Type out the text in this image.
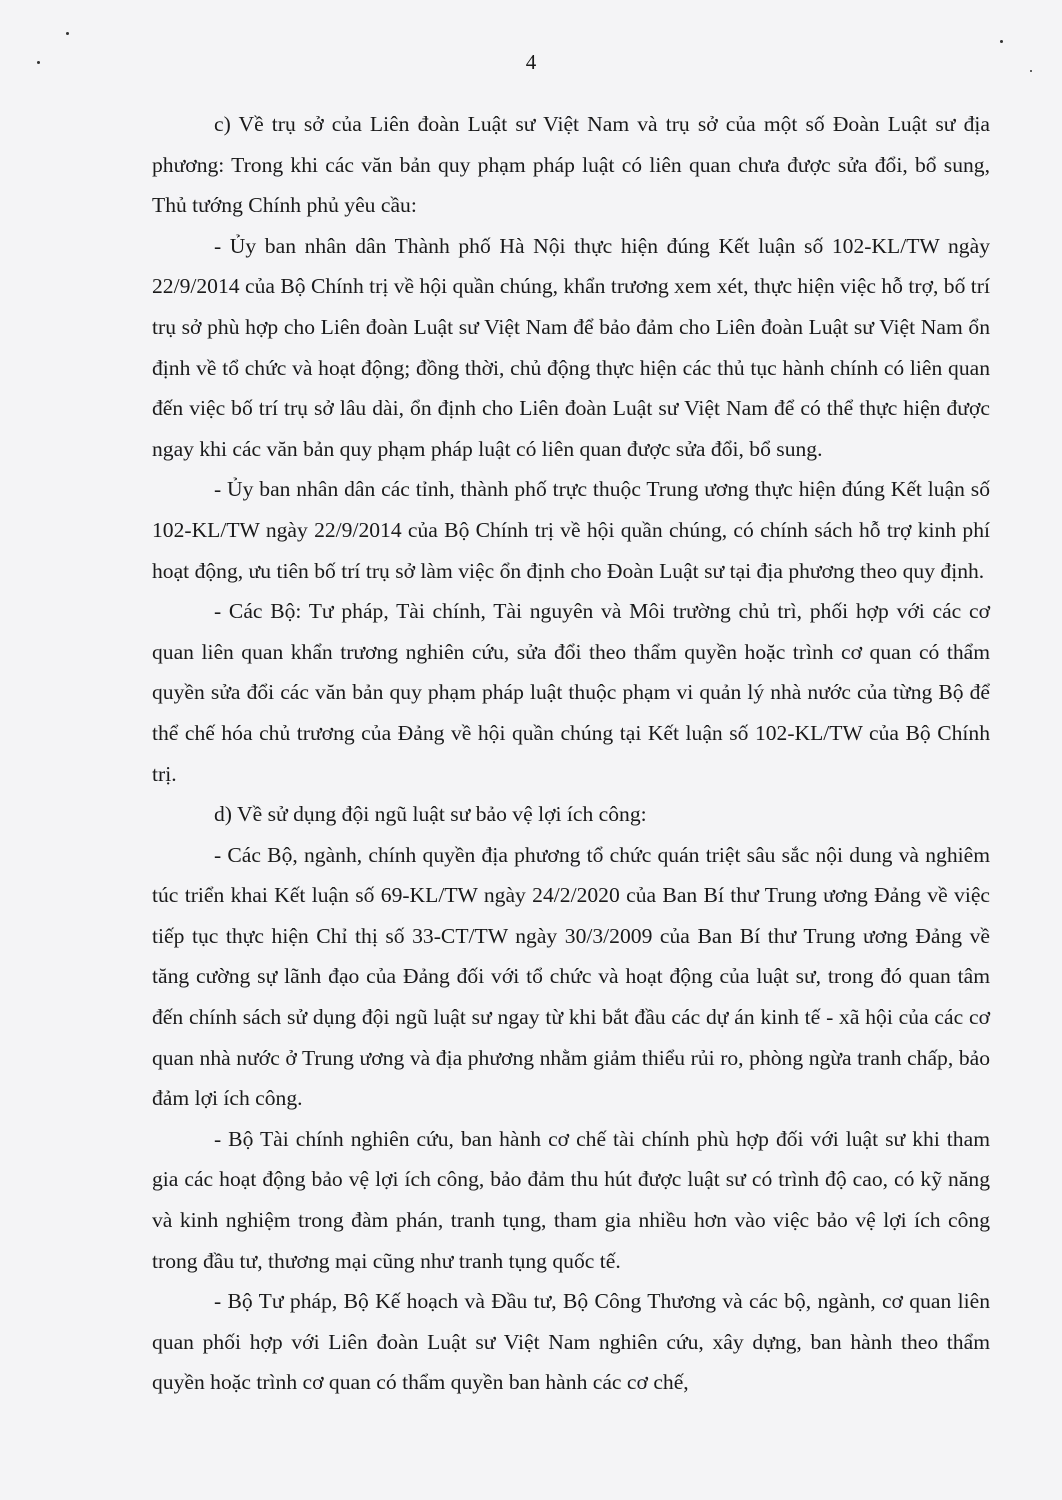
4

c) Về trụ sở của Liên đoàn Luật sư Việt Nam và trụ sở của một số Đoàn Luật sư địa phương: Trong khi các văn bản quy phạm pháp luật có liên quan chưa được sửa đổi, bổ sung, Thủ tướng Chính phủ yêu cầu:

- Ủy ban nhân dân Thành phố Hà Nội thực hiện đúng Kết luận số 102-KL/TW ngày 22/9/2014 của Bộ Chính trị về hội quần chúng, khẩn trương xem xét, thực hiện việc hỗ trợ, bố trí trụ sở phù hợp cho Liên đoàn Luật sư Việt Nam để bảo đảm cho Liên đoàn Luật sư Việt Nam ổn định về tổ chức và hoạt động; đồng thời, chủ động thực hiện các thủ tục hành chính có liên quan đến việc bố trí trụ sở lâu dài, ổn định cho Liên đoàn Luật sư Việt Nam để có thể thực hiện được ngay khi các văn bản quy phạm pháp luật có liên quan được sửa đổi, bổ sung.

- Ủy ban nhân dân các tỉnh, thành phố trực thuộc Trung ương thực hiện đúng Kết luận số 102-KL/TW ngày 22/9/2014 của Bộ Chính trị về hội quần chúng, có chính sách hỗ trợ kinh phí hoạt động, ưu tiên bố trí trụ sở làm việc ổn định cho Đoàn Luật sư tại địa phương theo quy định.

- Các Bộ: Tư pháp, Tài chính, Tài nguyên và Môi trường chủ trì, phối hợp với các cơ quan liên quan khẩn trương nghiên cứu, sửa đổi theo thẩm quyền hoặc trình cơ quan có thẩm quyền sửa đổi các văn bản quy phạm pháp luật thuộc phạm vi quản lý nhà nước của từng Bộ để thể chế hóa chủ trương của Đảng về hội quần chúng tại Kết luận số 102-KL/TW của Bộ Chính trị.

d) Về sử dụng đội ngũ luật sư bảo vệ lợi ích công:

- Các Bộ, ngành, chính quyền địa phương tổ chức quán triệt sâu sắc nội dung và nghiêm túc triển khai Kết luận số 69-KL/TW ngày 24/2/2020 của Ban Bí thư Trung ương Đảng về việc tiếp tục thực hiện Chỉ thị số 33-CT/TW ngày 30/3/2009 của Ban Bí thư Trung ương Đảng về tăng cường sự lãnh đạo của Đảng đối với tổ chức và hoạt động của luật sư, trong đó quan tâm đến chính sách sử dụng đội ngũ luật sư ngay từ khi bắt đầu các dự án kinh tế - xã hội của các cơ quan nhà nước ở Trung ương và địa phương nhằm giảm thiểu rủi ro, phòng ngừa tranh chấp, bảo đảm lợi ích công.

- Bộ Tài chính nghiên cứu, ban hành cơ chế tài chính phù hợp đối với luật sư khi tham gia các hoạt động bảo vệ lợi ích công, bảo đảm thu hút được luật sư có trình độ cao, có kỹ năng và kinh nghiệm trong đàm phán, tranh tụng, tham gia nhiều hơn vào việc bảo vệ lợi ích công trong đầu tư, thương mại cũng như tranh tụng quốc tế.

- Bộ Tư pháp, Bộ Kế hoạch và Đầu tư, Bộ Công Thương và các bộ, ngành, cơ quan liên quan phối hợp với Liên đoàn Luật sư Việt Nam nghiên cứu, xây dựng, ban hành theo thẩm quyền hoặc trình cơ quan có thẩm quyền ban hành các cơ chế,
